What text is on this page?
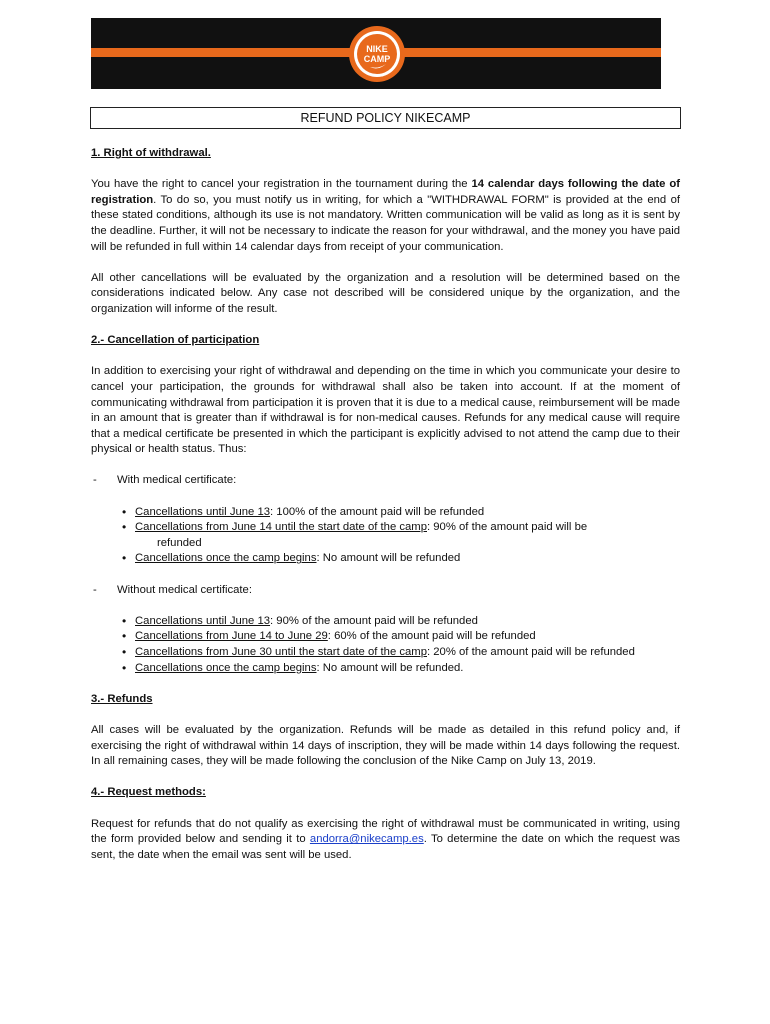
NIKE
CAMP
REFUND POLICY NIKECAMP
1. Right of withdrawal.

You have the right to cancel your registration in the tournament during the 14 calendar days following the date of registration. To do so, you must notify us in writing, for which a "WITHDRAWAL FORM" is provided at the end of these stated conditions, although its use is not mandatory. Written communication will be valid as long as it is sent by the deadline. Further, it will not be necessary to indicate the reason for your withdrawal, and the money you have paid will be refunded in full within 14 calendar days from receipt of your communication.

All other cancellations will be evaluated by the organization and a resolution will be determined based on the considerations indicated below. Any case not described will be considered unique by the organization, and the organization will informe of the result.

2.- Cancellation of participation

In addition to exercising your right of withdrawal and depending on the time in which you communicate your desire to cancel your participation, the grounds for withdrawal shall also be taken into account. If at the moment of communicating withdrawal from participation it is proven that it is due to a medical cause, reimbursement will be made in an amount that is greater than if withdrawal is for non-medical causes. Refunds for any medical cause will require that a medical certificate be presented in which the participant is explicitly advised to not attend the camp due to their physical or health status. Thus:

- With medical certificate:
• Cancellations until June 13: 100% of the amount paid will be refunded
• Cancellations from June 14 until the start date of the camp: 90% of the amount paid will be
refunded
• Cancellations once the camp begins: No amount will be refunded
- Without medical certificate:
• Cancellations until June 13: 90% of the amount paid will be refunded
• Cancellations from June 14 to June 29: 60% of the amount paid will be refunded
• Cancellations from June 30 until the start date of the camp: 20% of the amount paid will be refunded
• Cancellations once the camp begins: No amount will be refunded.
3.- Refunds

All cases will be evaluated by the organization. Refunds will be made as detailed in this refund policy and, if exercising the right of withdrawal within 14 days of inscription, they will be made within 14 days following the request. In all remaining cases, they will be made following the conclusion of the Nike Camp on July 13, 2019.

4.- Request methods:

Request for refunds that do not qualify as exercising the right of withdrawal must be communicated in writing, using the form provided below and sending it to andorra@nikecamp.es. To determine the date on which the request was sent, the date when the email was sent will be used.
